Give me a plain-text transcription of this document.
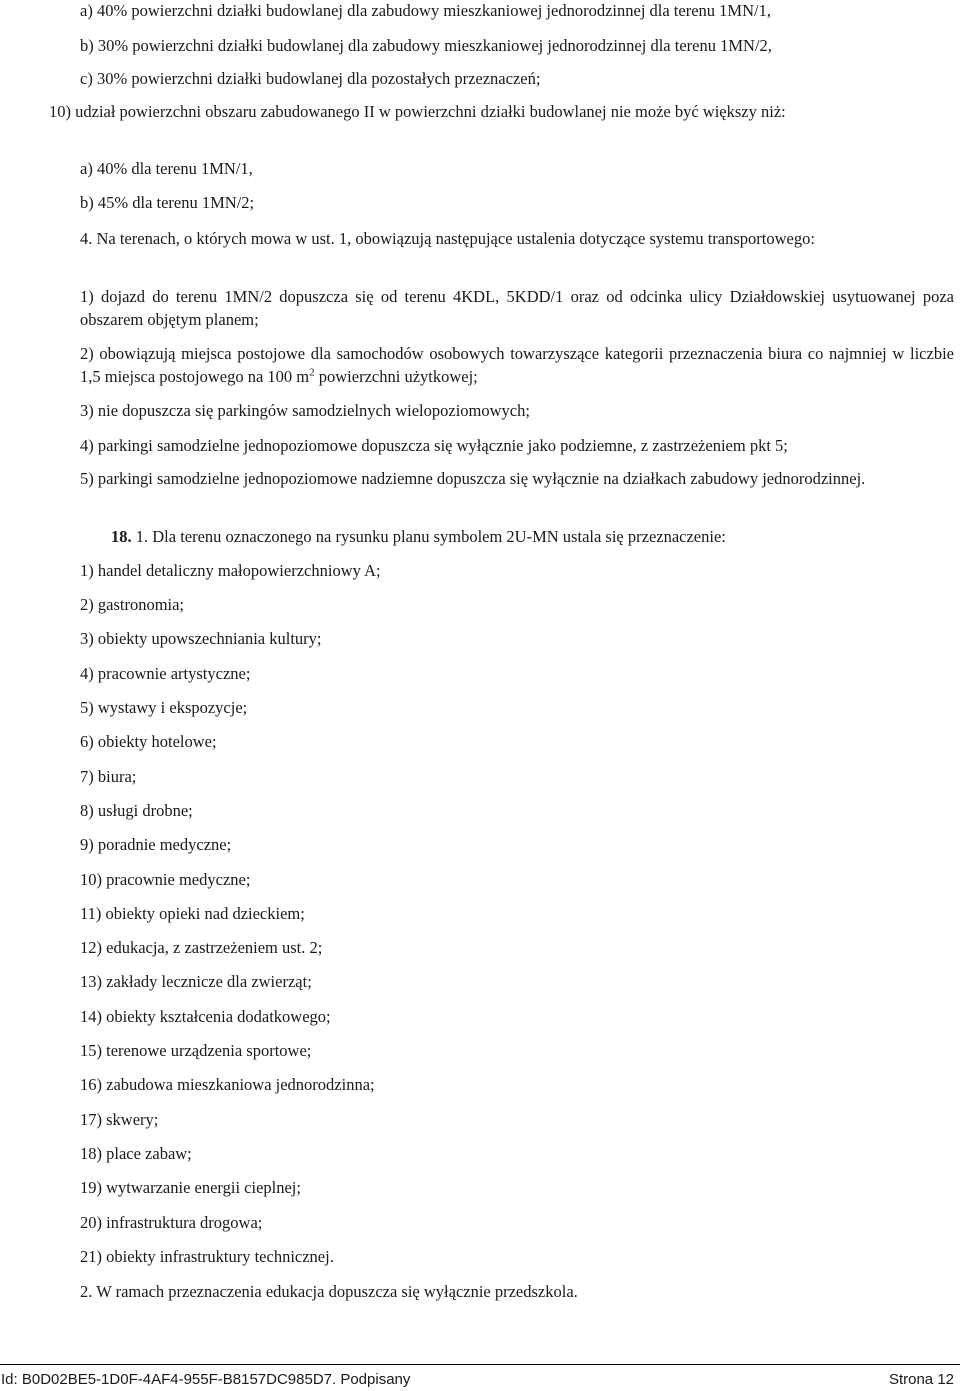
a) 40% powierzchni działki budowlanej dla zabudowy mieszkaniowej jednorodzinnej dla terenu 1MN/1,
b) 30% powierzchni działki budowlanej dla zabudowy mieszkaniowej jednorodzinnej dla terenu 1MN/2,
c) 30% powierzchni działki budowlanej dla pozostałych przeznaczeń;
10) udział powierzchni obszaru zabudowanego II w powierzchni działki budowlanej nie może być większy niż:
a) 40% dla terenu 1MN/1,
b) 45% dla terenu 1MN/2;
4. Na terenach, o których mowa w ust. 1, obowiązują następujące ustalenia dotyczące systemu transportowego:
1) dojazd do terenu 1MN/2 dopuszcza się od terenu 4KDL, 5KDD/1 oraz od odcinka ulicy Działdowskiej usytuowanej poza obszarem objętym planem;
2) obowiązują miejsca postojowe dla samochodów osobowych towarzyszące kategorii przeznaczenia biura co najmniej w liczbie 1,5 miejsca postojowego na 100 $m^2$ powierzchni użytkowej;
3) nie dopuszcza się parkingów samodzielnych wielopoziomowych;
4) parkingi samodzielne jednopoziomowe dopuszcza się wyłącznie jako podziemne, z zastrzeżeniem pkt 5;
5) parkingi samodzielne jednopoziomowe nadziemne dopuszcza się wyłącznie na działkach zabudowy jednorodzinnej.
18. 1. Dla terenu oznaczonego na rysunku planu symbolem 2U-MN ustala się przeznaczenie:
1) handel detaliczny małopowierzchniowy A;
2) gastronomia;
3) obiekty upowszechniania kultury;
4) pracownie artystyczne;
5) wystawy i ekspozycje;
6) obiekty hotelowe;
7) biura;
8) usługi drobne;
9) poradnie medyczne;
10) pracownie medyczne;
11) obiekty opieki nad dzieckiem;
12) edukacja, z zastrzeżeniem ust. 2;
13) zakłady lecznicze dla zwierząt;
14) obiekty kształcenia dodatkowego;
15) terenowe urządzenia sportowe;
16) zabudowa mieszkaniowa jednorodzinna;
17) skwery;
18) place zabaw;
19) wytwarzanie energii cieplnej;
20) infrastruktura drogowa;
21) obiekty infrastruktury technicznej.
2. W ramach przeznaczenia edukacja dopuszcza się wyłącznie przedszkola.
Id: B0D02BE5-1D0F-4AF4-955F-B8157DC985D7. Podpisany	Strona 12
